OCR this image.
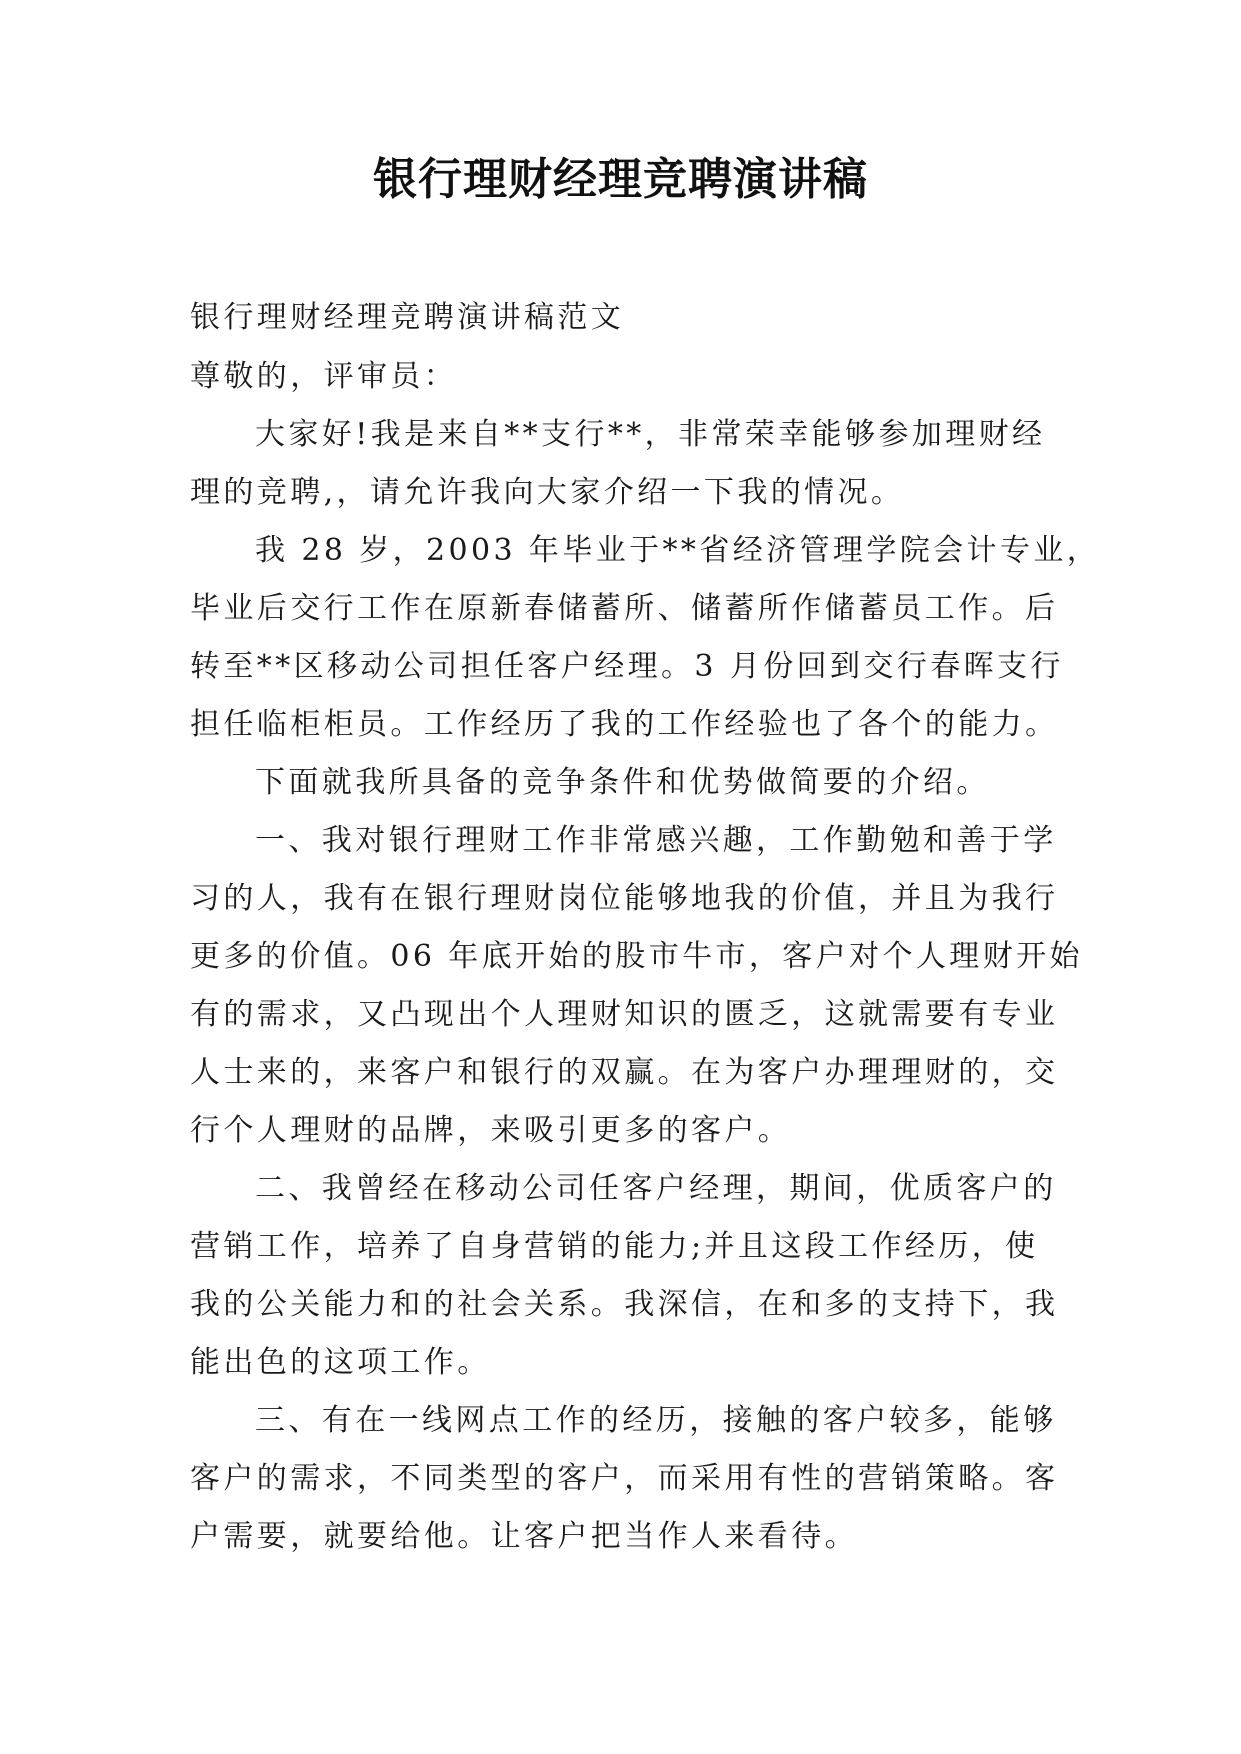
银行理财经理竞聘演讲稿
银行理财经理竞聘演讲稿范文
尊敬的，评审员：
大家好!我是来自**支行**，非常荣幸能够参加理财经
理的竞聘,，请允许我向大家介绍一下我的情况。
我 28 岁，2003 年毕业于**省经济管理学院会计专业，
毕业后交行工作在原新春储蓄所、储蓄所作储蓄员工作。后
转至**区移动公司担任客户经理。3 月份回到交行春晖支行
担任临柜柜员。工作经历了我的工作经验也了各个的能力。
下面就我所具备的竞争条件和优势做简要的介绍。
一、我对银行理财工作非常感兴趣，工作勤勉和善于学
习的人，我有在银行理财岗位能够地我的价值，并且为我行
更多的价值。06 年底开始的股市牛市，客户对个人理财开始
有的需求，又凸现出个人理财知识的匮乏，这就需要有专业
人士来的，来客户和银行的双赢。在为客户办理理财的，交
行个人理财的品牌，来吸引更多的客户。
二、我曾经在移动公司任客户经理，期间，优质客户的
营销工作，培养了自身营销的能力;并且这段工作经历，使
我的公关能力和的社会关系。我深信，在和多的支持下，我
能出色的这项工作。
三、有在一线网点工作的经历，接触的客户较多，能够
客户的需求，不同类型的客户，而采用有性的营销策略。客
户需要，就要给他。让客户把当作人来看待。
